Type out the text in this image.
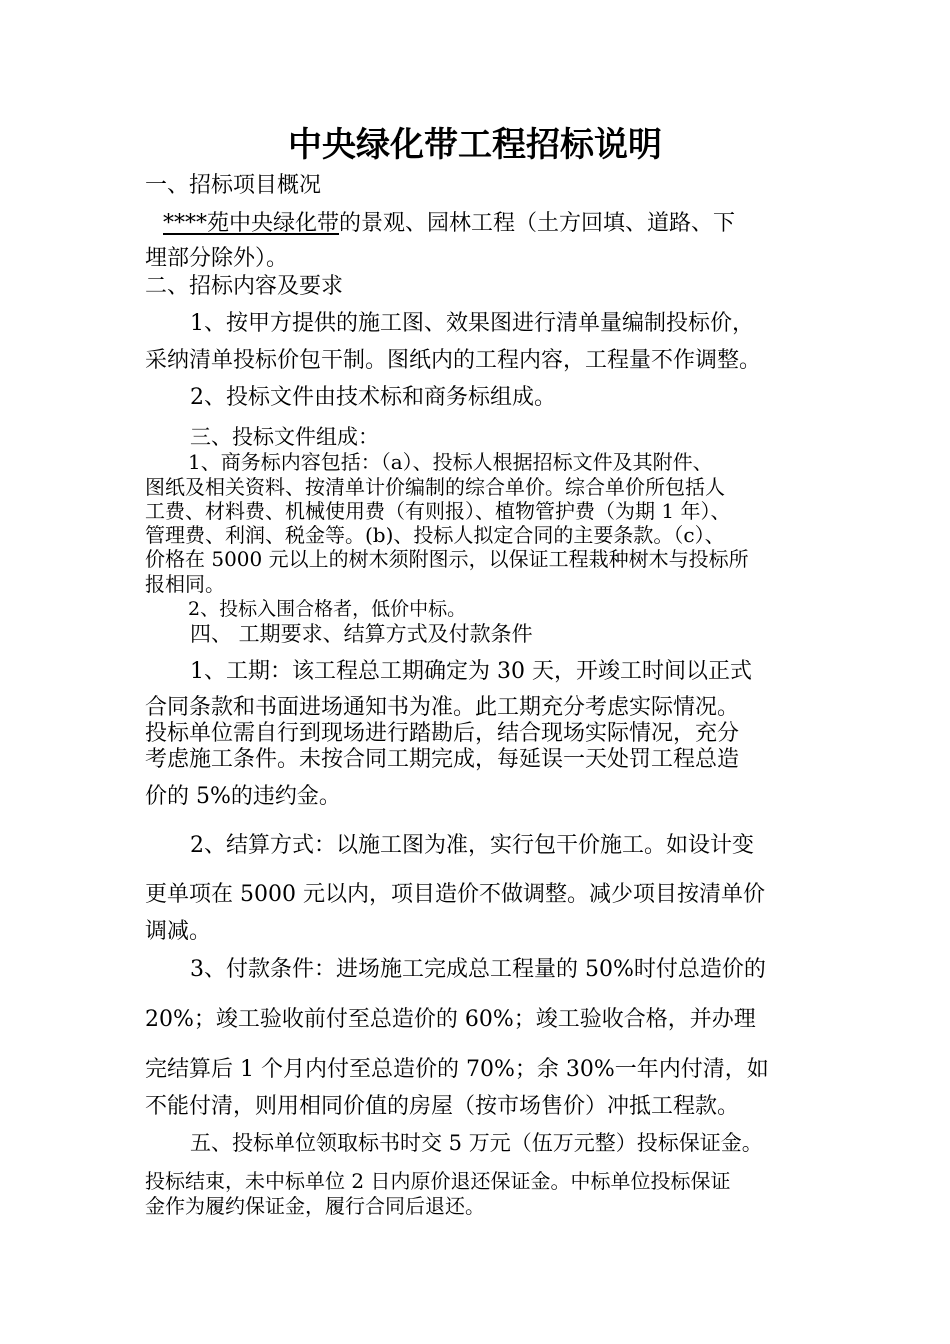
中央绿化带工程招标说明
一、招标项目概况
****苑中央绿化带的景观、园林工程（土方回填、道路、下
埋部分除外）。
二、招标内容及要求
1、按甲方提供的施工图、效果图进行清单量编制投标价，
采纳清单投标价包干制。图纸内的工程内容，工程量不作调整。
2、投标文件由技术标和商务标组成。
三、投标文件组成：
1、商务标内容包括：（a）、投标人根据招标文件及其附件、
图纸及相关资料、按清单计价编制的综合单价。综合单价所包括人
工费、材料费、机械使用费（有则报）、植物管护费（为期 1 年）、
管理费、利润、税金等。(b)、投标人拟定合同的主要条款。（c）、
价格在 5000 元以上的树木须附图示，以保证工程栽种树木与投标所
报相同。
2、投标入围合格者，低价中标。
四、 工期要求、结算方式及付款条件
1、工期：该工程总工期确定为 30 天，开竣工时间以正式
合同条款和书面进场通知书为准。此工期充分考虑实际情况。
投标单位需自行到现场进行踏勘后，结合现场实际情况，充分
考虑施工条件。未按合同工期完成，每延误一天处罚工程总造
价的 5%的违约金。
2、结算方式：以施工图为准，实行包干价施工。如设计变
更单项在 5000 元以内，项目造价不做调整。减少项目按清单价
调减。
3、付款条件：进场施工完成总工程量的 50%时付总造价的
20%；竣工验收前付至总造价的 60%；竣工验收合格，并办理
完结算后 1 个月内付至总造价的 70%；余 30%一年内付清，如
不能付清，则用相同价值的房屋（按市场售价）冲抵工程款。
五、投标单位领取标书时交 5 万元（伍万元整）投标保证金。
投标结束，未中标单位 2 日内原价退还保证金。中标单位投标保证
金作为履约保证金，履行合同后退还。
